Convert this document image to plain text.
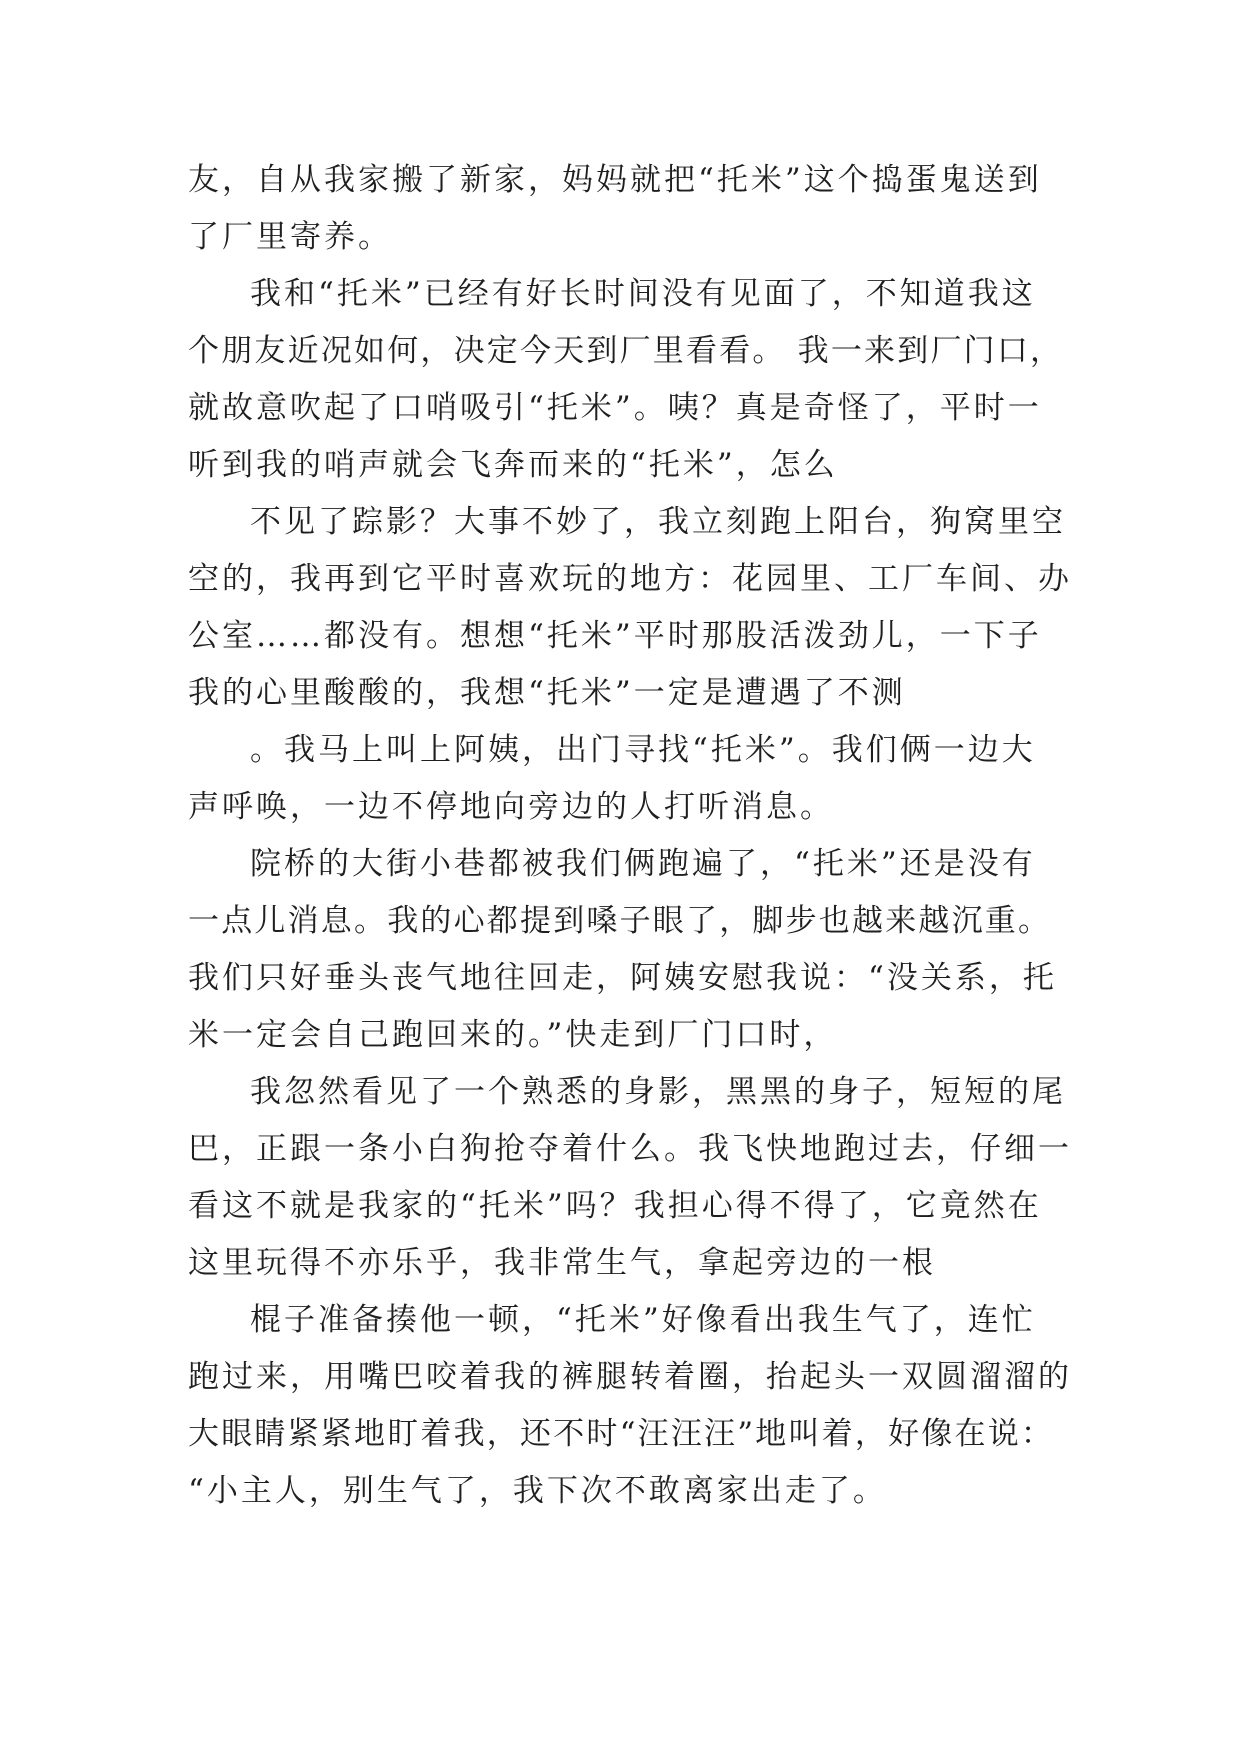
友，自从我家搬了新家，妈妈就把“托米”这个捣蛋鬼送到
了厂里寄养。

我和“托米”已经有好长时间没有见面了，不知道我这
个朋友近况如何，决定今天到厂里看看。 我一来到厂门口，
就故意吹起了口哨吸引“托米”。咦？真是奇怪了，平时一
听到我的哨声就会飞奔而来的“托米”，怎么

不见了踪影？大事不妙了，我立刻跑上阳台，狗窝里空
空的，我再到它平时喜欢玩的地方：花园里、工厂车间、办
公室……都没有。想想“托米”平时那股活泼劲儿，一下子
我的心里酸酸的，我想“托米”一定是遭遇了不测

。我马上叫上阿姨，出门寻找“托米”。我们俩一边大
声呼唤，一边不停地向旁边的人打听消息。

院桥的大街小巷都被我们俩跑遍了，“托米”还是没有
一点儿消息。我的心都提到嗓子眼了，脚步也越来越沉重。
我们只好垂头丧气地往回走，阿姨安慰我说：“没关系，托
米一定会自己跑回来的。”快走到厂门口时，

我忽然看见了一个熟悉的身影，黑黑的身子，短短的尾
巴，正跟一条小白狗抢夺着什么。我飞快地跑过去，仔细一
看这不就是我家的“托米”吗？我担心得不得了，它竟然在
这里玩得不亦乐乎，我非常生气，拿起旁边的一根

棍子准备揍他一顿，“托米”好像看出我生气了，连忙
跑过来，用嘴巴咬着我的裤腿转着圈，抬起头一双圆溜溜的
大眼睛紧紧地盯着我，还不时“汪汪汪”地叫着，好像在说：
“小主人，别生气了，我下次不敢离家出走了。
